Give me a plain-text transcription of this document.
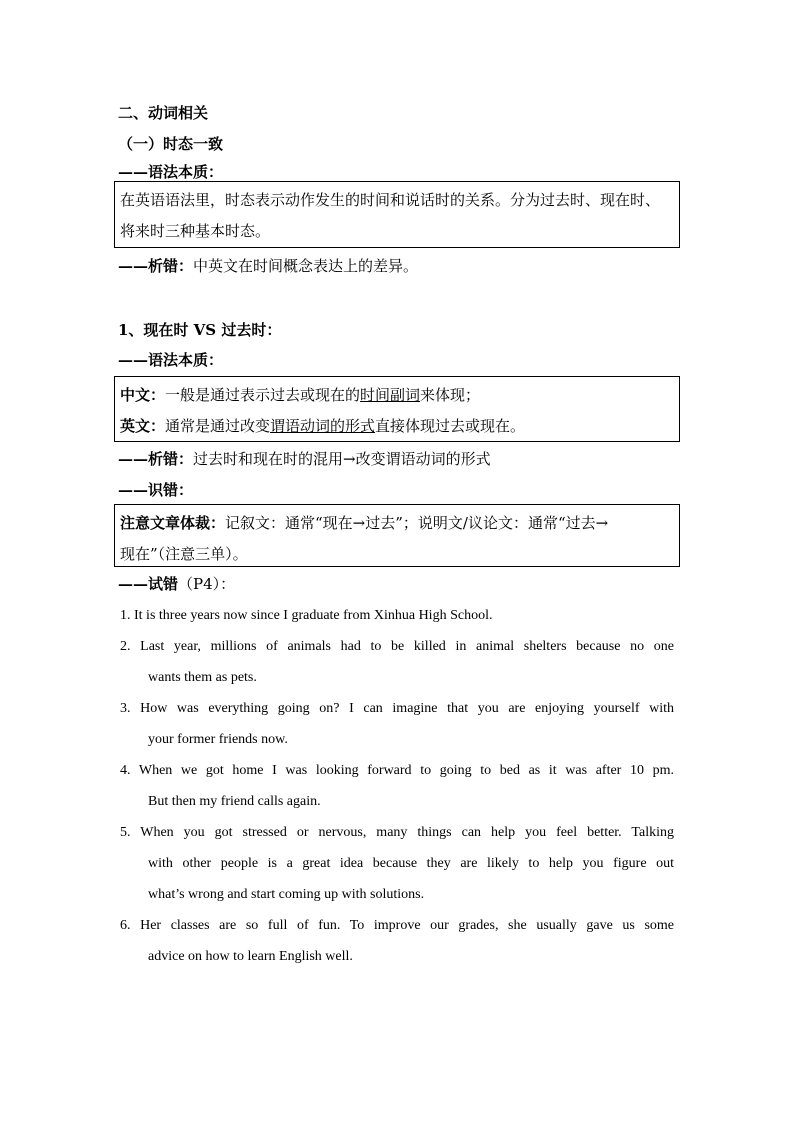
二、动词相关
（一）时态一致
——语法本质：

在英语语法里，时态表示动作发生的时间和说话时的关系。分为过去时、现在时、

将来时三种基本时态。

——析错：中英文在时间概念表达上的差异。
1、现在时 VS 过去时：
——语法本质：

中文：一般是通过表示过去或现在的时间副词来体现；

英文：通常是通过改变谓语动词的形式直接体现过去或现在。

——析错：过去时和现在时的混用→改变谓语动词的形式
——识错：

注意文章体裁：记叙文：通常“现在→过去”；说明文/议论文：通常“过去→

现在”（注意三单）。

——试错（P4）：

1. It is three years now since I graduate from Xinhua High School.

2. Last year, millions of animals had to be killed in animal shelters because no one

wants them as pets.

3. How was everything going on? I can imagine that you are enjoying yourself with

your former friends now.

4. When we got home I was looking forward to going to bed as it was after 10 pm.

But then my friend calls again.

5. When you got stressed or nervous, many things can help you feel better. Talking

with other people is a great idea because they are likely to help you figure out

what’s wrong and start coming up with solutions.

6. Her classes are so full of fun. To improve our grades, she usually gave us some

advice on how to learn English well.
